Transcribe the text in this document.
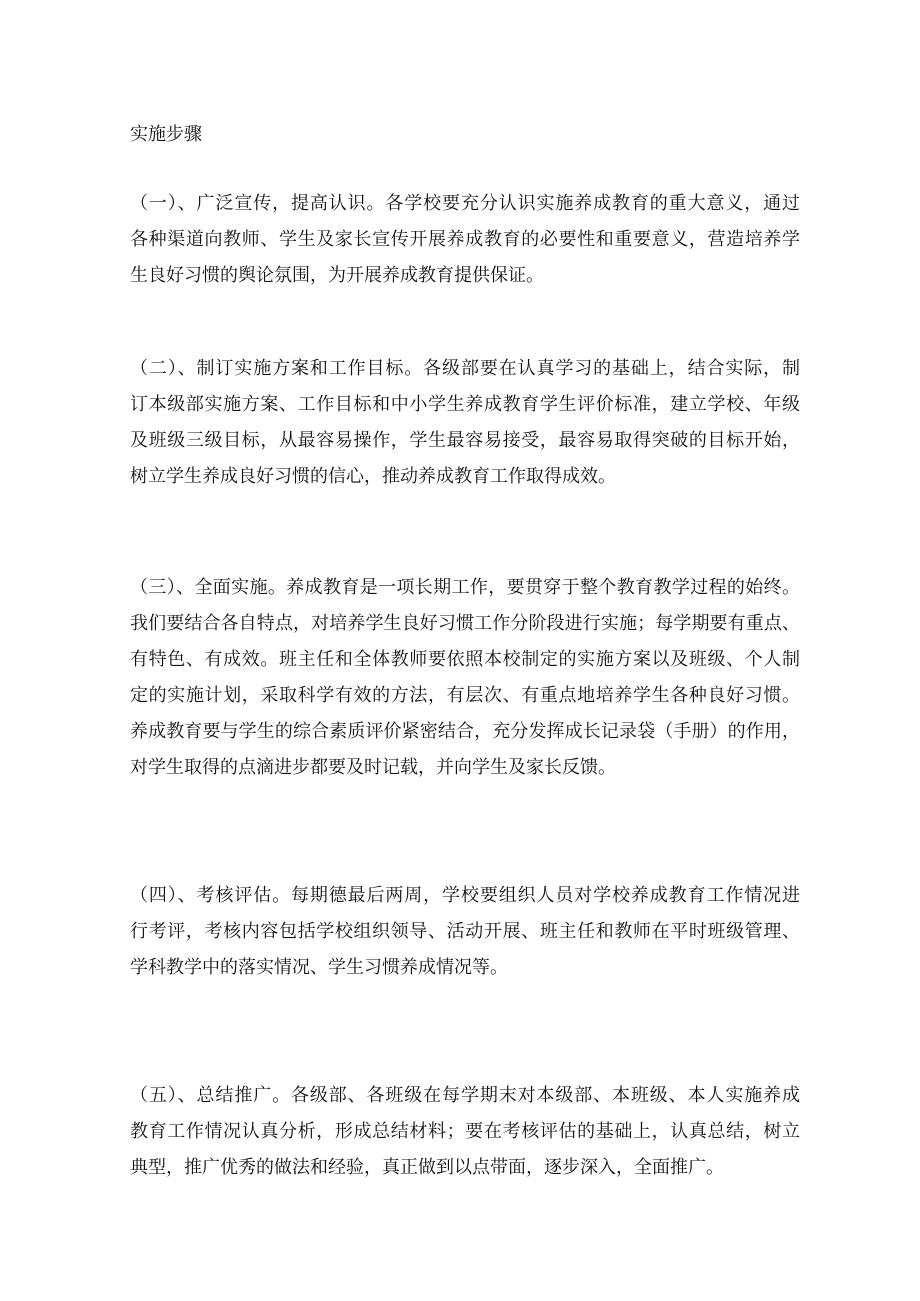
实施步骤
（一）、广泛宣传，提高认识。各学校要充分认识实施养成教育的重大意义，通过
各种渠道向教师、学生及家长宣传开展养成教育的必要性和重要意义，营造培养学
生良好习惯的舆论氛围，为开展养成教育提供保证。
（二）、制订实施方案和工作目标。各级部要在认真学习的基础上，结合实际，制
订本级部实施方案、工作目标和中小学生养成教育学生评价标准，建立学校、年级
及班级三级目标，从最容易操作，学生最容易接受，最容易取得突破的目标开始，
树立学生养成良好习惯的信心，推动养成教育工作取得成效。
（三）、全面实施。养成教育是一项长期工作，要贯穿于整个教育教学过程的始终。
我们要结合各自特点，对培养学生良好习惯工作分阶段进行实施；每学期要有重点、
有特色、有成效。班主任和全体教师要依照本校制定的实施方案以及班级、个人制
定的实施计划，采取科学有效的方法，有层次、有重点地培养学生各种良好习惯。
养成教育要与学生的综合素质评价紧密结合，充分发挥成长记录袋（手册）的作用，
对学生取得的点滴进步都要及时记载，并向学生及家长反馈。
（四）、考核评估。每期德最后两周，学校要组织人员对学校养成教育工作情况进
行考评，考核内容包括学校组织领导、活动开展、班主任和教师在平时班级管理、
学科教学中的落实情况、学生习惯养成情况等。
（五）、总结推广。各级部、各班级在每学期末对本级部、本班级、本人实施养成
教育工作情况认真分析，形成总结材料；要在考核评估的基础上，认真总结，树立
典型，推广优秀的做法和经验，真正做到以点带面，逐步深入，全面推广。
